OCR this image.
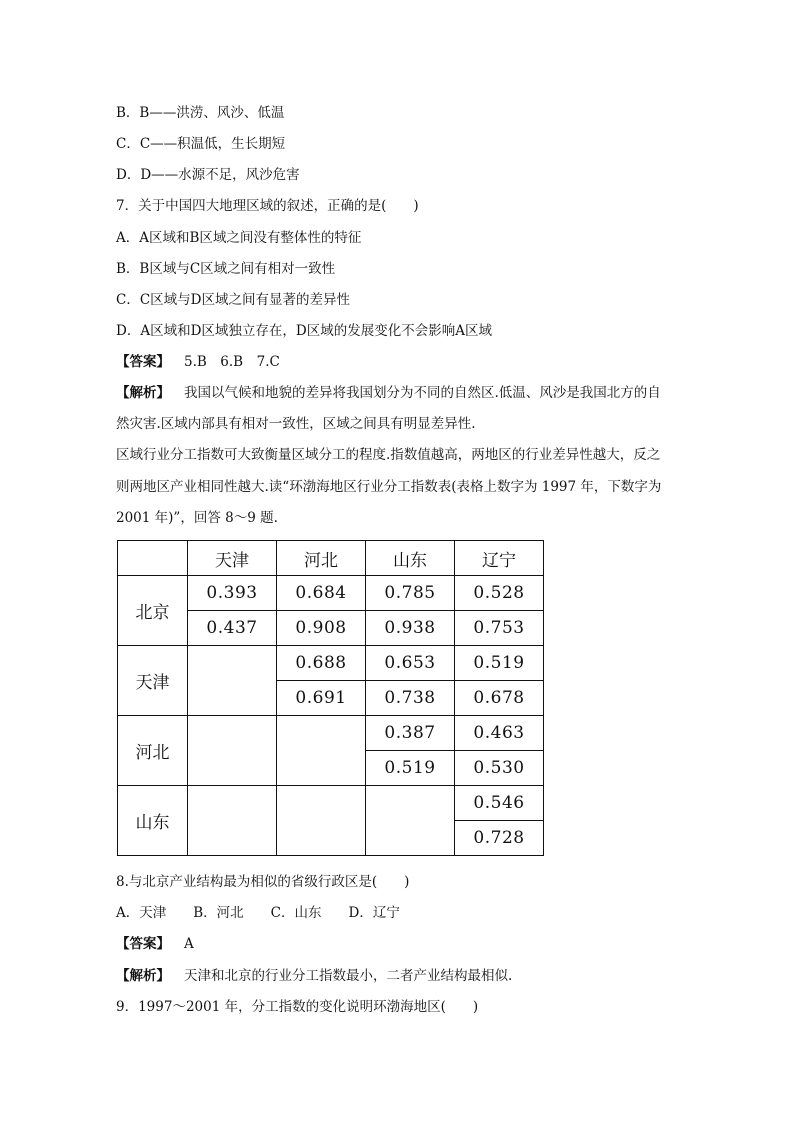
B．B——洪涝、风沙、低温
C．C——积温低，生长期短
D．D——水源不足，风沙危害
7．关于中国四大地理区域的叙述，正确的是(　　)
A．A区域和B区域之间没有整体性的特征
B．B区域与C区域之间有相对一致性
C．C区域与D区域之间有显著的差异性
D．A区域和D区域独立存在，D区域的发展变化不会影响A区域
【答案】 5.B　6.B　7.C
【解析】 我国以气候和地貌的差异将我国划分为不同的自然区.低温、风沙是我国北方的自
然灾害.区域内部具有相对一致性，区域之间具有明显差异性.
区域行业分工指数可大致衡量区域分工的程度.指数值越高，两地区的行业差异性越大，反之
则两地区产业相同性越大.读“环渤海地区行业分工指数表(表格上数字为 1997 年，下数字为
2001 年)”，回答 8～9 题.
	天津	河北	山东	辽宁
北京	0.393	0.684	0.785	0.528
	0.437	0.908	0.938	0.753
天津		0.688	0.653	0.519
		0.691	0.738	0.678
河北			0.387	0.463
			0.519	0.530
山东				0.546
				0.728
8.与北京产业结构最为相似的省级行政区是(　　)
A．天津　　B．河北　　C．山东　　D．辽宁
【答案】 A
【解析】 天津和北京的行业分工指数最小，二者产业结构最相似.
9．1997～2001 年，分工指数的变化说明环渤海地区(　　)
